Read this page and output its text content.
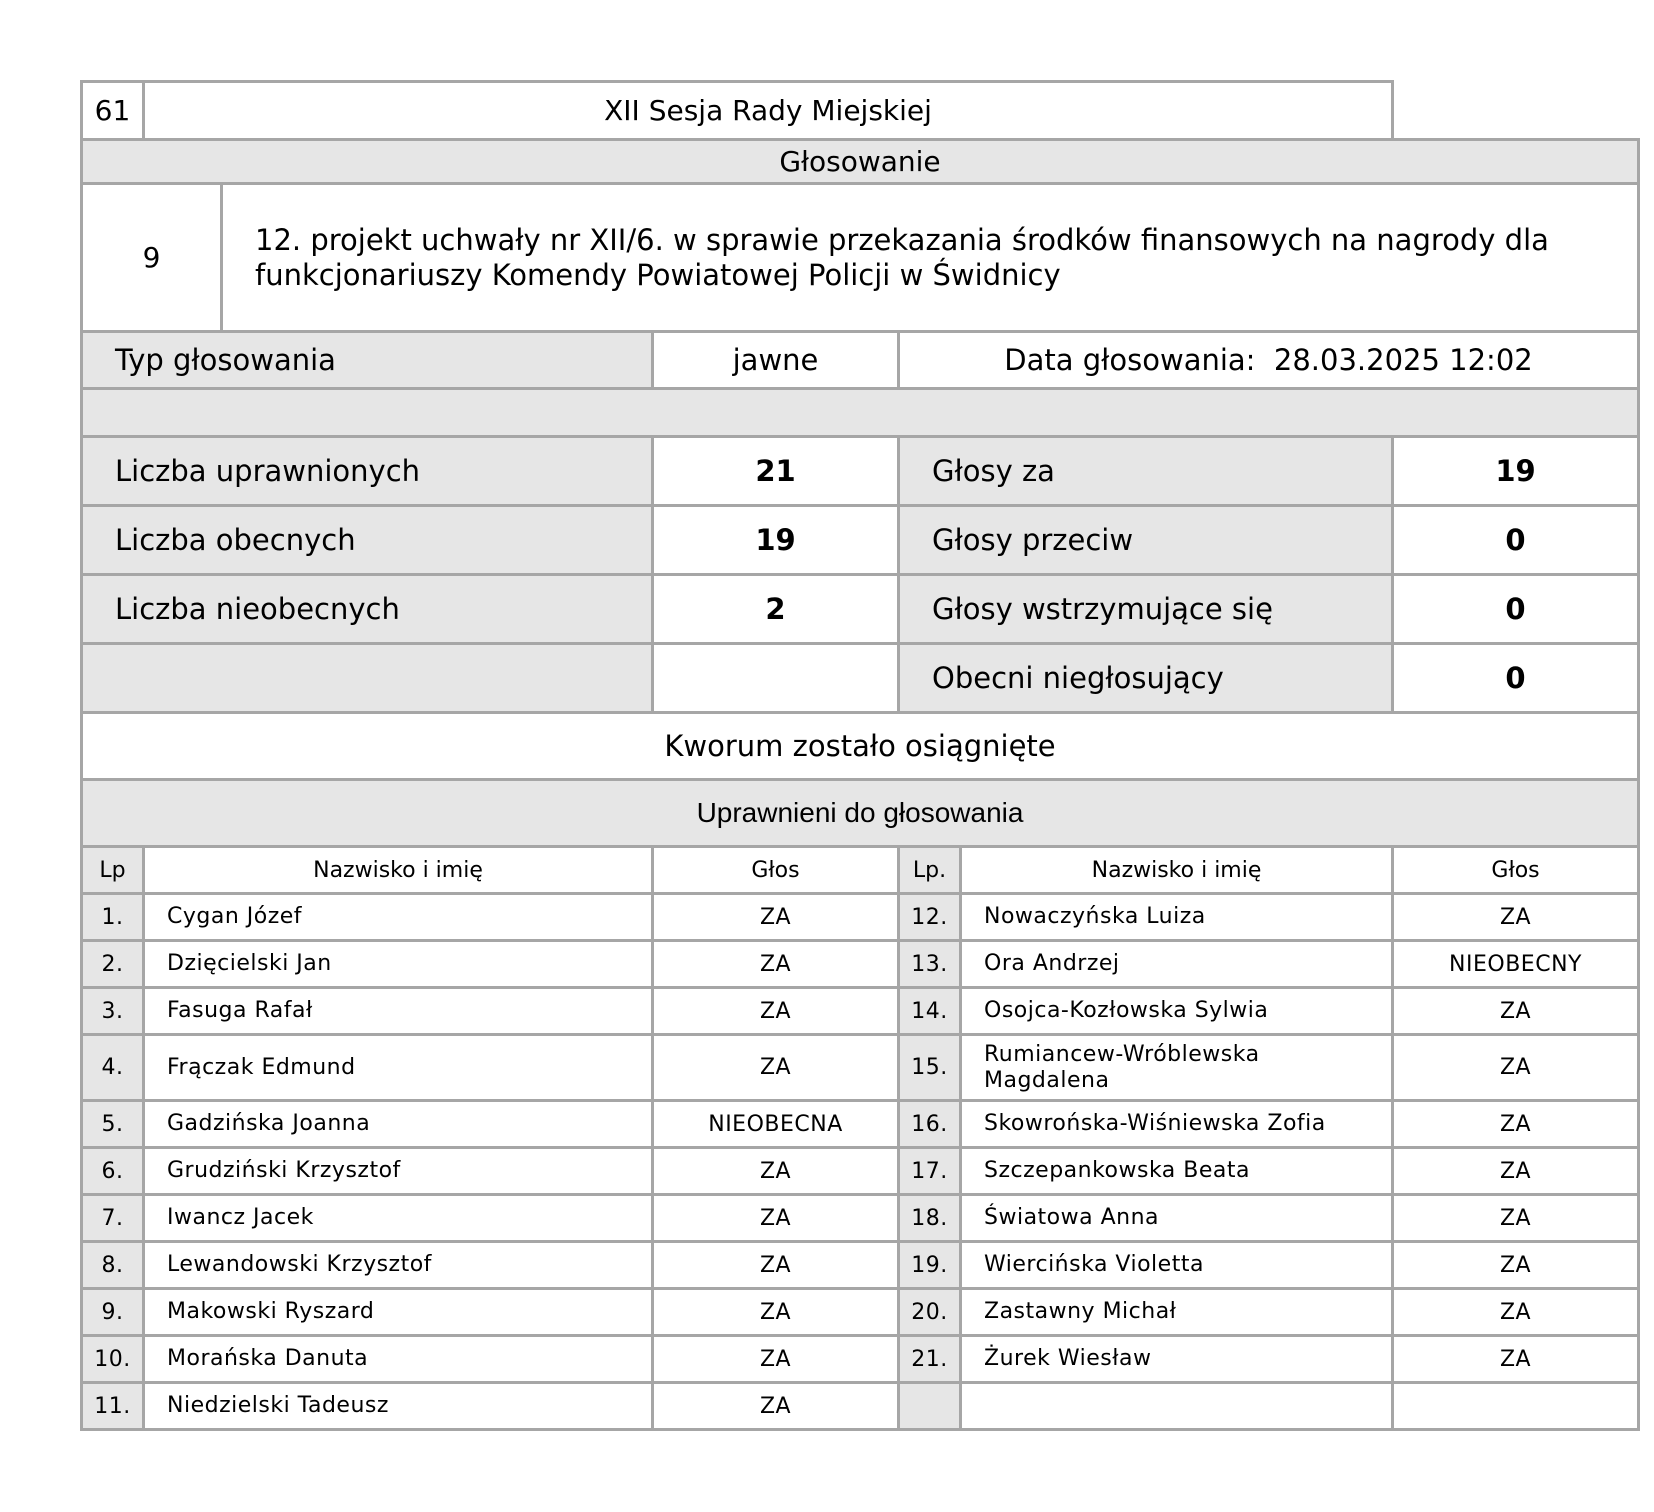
61	XII Sesja Rady Miejskiej					
Głosowanie						
9		12. projekt uchwały nr XII/6. w sprawie przekazania środków finansowych na nagrody dla funkcjonariuszy Komendy Powiatowej Policji w Świdnicy				
Typ głosowania			jawne	Data głosowania: 28.03.2025 12:02		

Liczba uprawnionych			21	Głosy za		19
Liczba obecnych			19	Głosy przeciw		0
Liczba nieobecnych			2	Głosy wstrzymujące się		0
				Obecni niegłosujący		0
Kworum zostało osiągnięte						
Uprawnieni do głosowania						
Lp	Nazwisko i imię		Głos	Lp.	Nazwisko i imię	Głos
1.	Cygan Józef		ZA	12.	Nowaczyńska Luiza	ZA
2.	Dzięcielski Jan		ZA	13.	Ora Andrzej	NIEOBECNY
3.	Fasuga Rafał		ZA	14.	Osojca-Kozłowska Sylwia	ZA
4.	Frączak Edmund		ZA	15.	Rumiancew-Wróblewska Magdalena	ZA
5.	Gadzińska Joanna		NIEOBECNA	16.	Skowrońska-Wiśniewska Zofia	ZA
6.	Grudziński Krzysztof		ZA	17.	Szczepankowska Beata	ZA
7.	Iwancz Jacek		ZA	18.	Światowa Anna	ZA
8.	Lewandowski Krzysztof		ZA	19.	Wiercińska Violetta	ZA
9.	Makowski Ryszard		ZA	20.	Zastawny Michał	ZA
10.	Morańska Danuta		ZA	21.	Żurek Wiesław	ZA
11.	Niedzielski Tadeusz		ZA			
